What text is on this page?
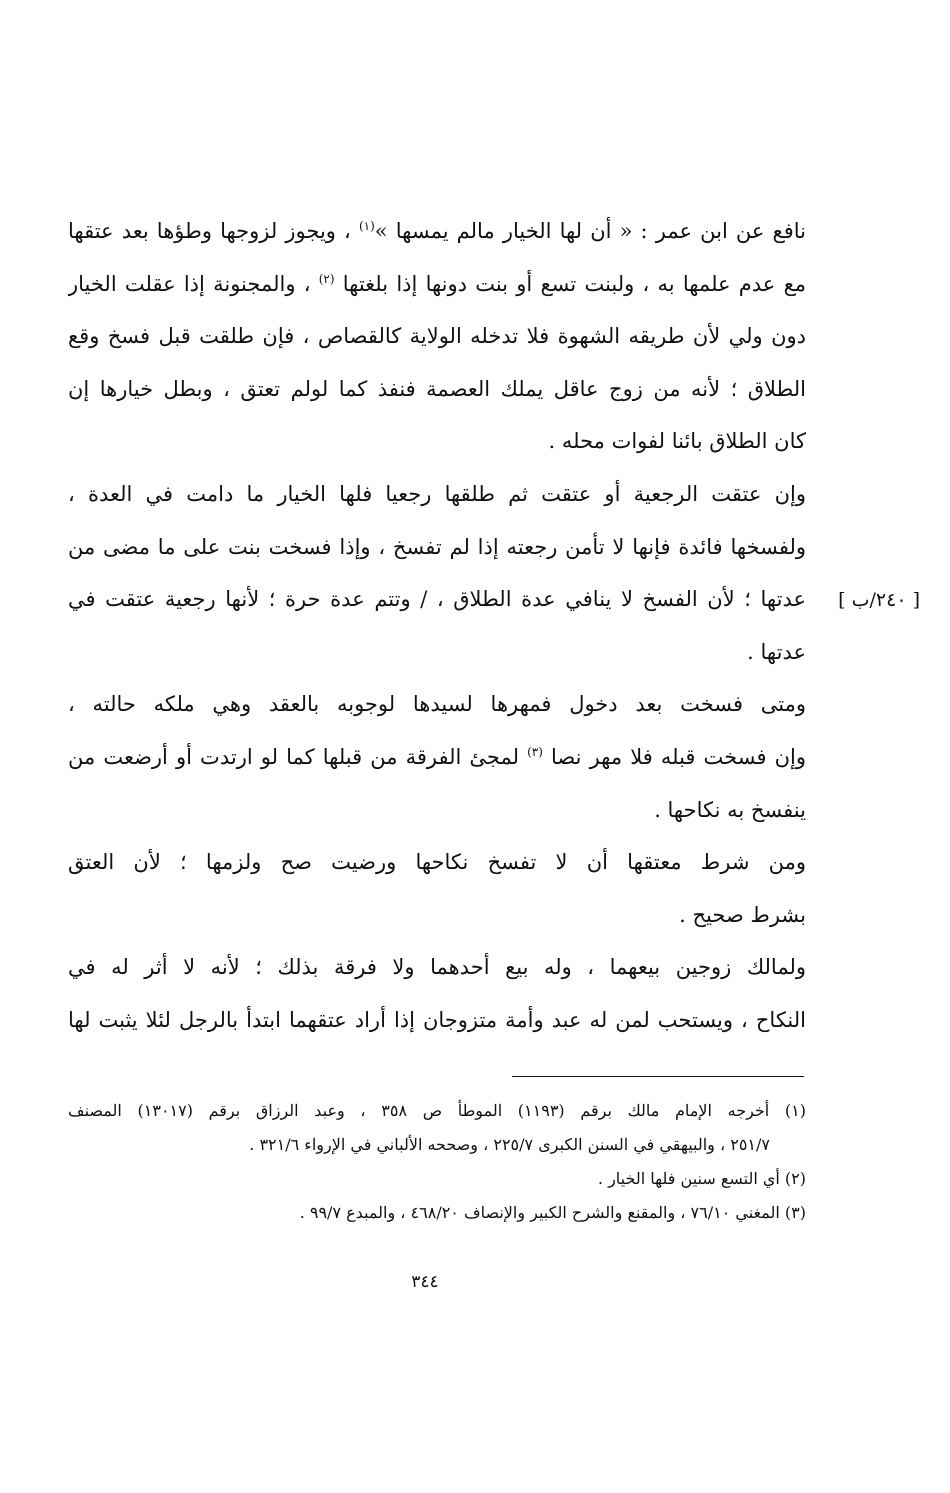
نافع عن ابن عمر : « أن لها الخيار مالم يمسها »$^{(١)}$ ، ويجوز لزوجها وطؤها بعد عتقها
مع عدم علمها به ، ولبنت تسع أو بنت دونها إذا بلغتها $^{(٢)}$ ، والمجنونة إذا عقلت الخيار
دون ولي لأن طريقه الشهوة فلا تدخله الولاية كالقصاص ، فإن طلقت قبل فسخ وقع
الطلاق ؛ لأنه من زوج عاقل يملك العصمة فنفذ كما لولم تعتق ، وبطل خيارها إن
كان الطلاق بائنا لفوات محله .
وإن عتقت الرجعية أو عتقت ثم طلقها رجعيا فلها الخيار ما دامت في العدة ،
ولفسخها فائدة فإنها لا تأمن رجعته إذا لم تفسخ ، وإذا فسخت بنت على ما مضى من
عدتها ؛ لأن الفسخ لا ينافي عدة الطلاق ، / وتتم عدة حرة ؛ لأنها رجعية عتقت في
عدتها .
ومتى فسخت بعد دخول فمهرها لسيدها لوجوبه بالعقد وهي ملكه حالته ،
وإن فسخت قبله فلا مهر نصا $^{(٣)}$ لمجئ الفرقة من قبلها كما لو ارتدت أو أرضعت من
ينفسخ به نكاحها .
ومن شرط معتقها أن لا تفسخ نكاحها ورضيت صح ولزمها ؛ لأن العتق
بشرط صحيح .
ولمالك زوجين بيعهما ، وله بيع أحدهما ولا فرقة بذلك ؛ لأنه لا أثر له في
النكاح ، ويستحب لمن له عبد وأمة متزوجان إذا أراد عتقهما ابتدأ بالرجل لئلا يثبت لها
[ ٢٤٠/ب ]
(١) أخرجه الإمام مالك برقم (١١٩٣) الموطأ ص ٣٥٨ ، وعبد الرزاق برقم (١٣٠١٧) المصنف
٢٥١/٧ ، والبيهقي في السنن الكبرى ٢٢٥/٧ ، وصححه الألباني في الإرواء ٣٢١/٦ .
(٢) أي التسع سنين فلها الخيار .
(٣) المغني ٧٦/١٠ ، والمقنع والشرح الكبير والإنصاف ٤٦٨/٢٠ ، والمبدع ٩٩/٧ .
٣٤٤
